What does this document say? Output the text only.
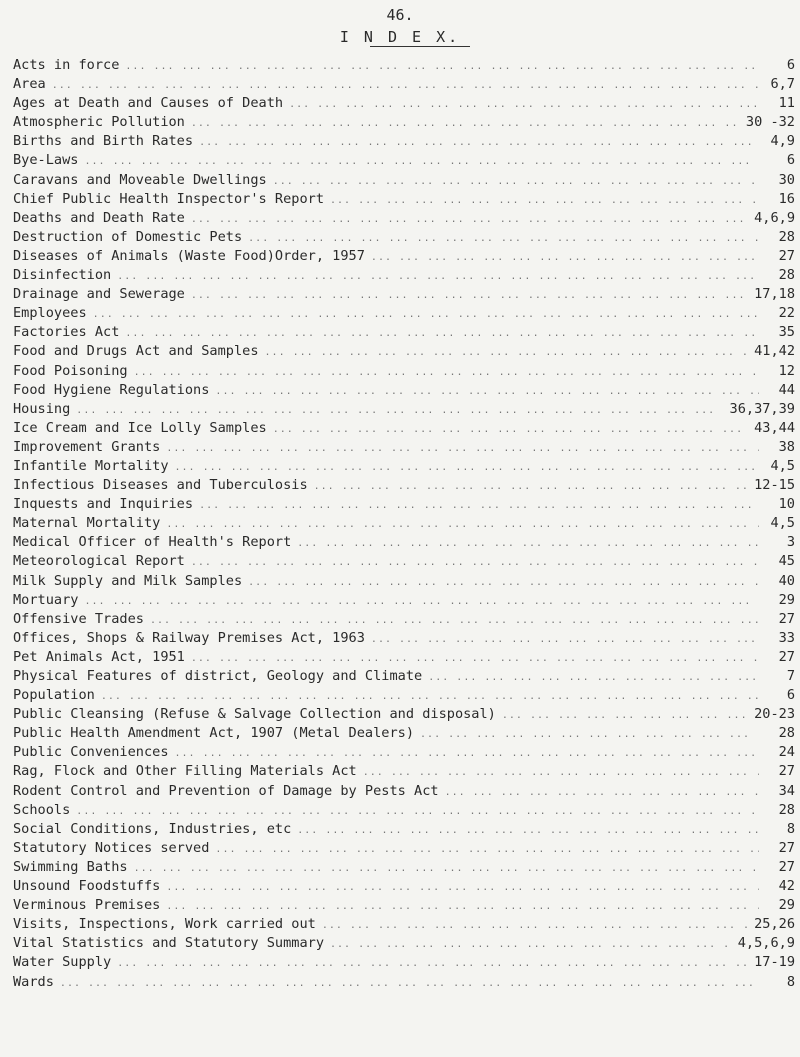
46.
I N D E X.
Acts in force ... .	6
Area ... .	6,7
Ages at Death and Causes of Death ... .	11
Atmospheric Pollution ... .	30 -32
Births and Birth Rates ... .	4,9
Bye-Laws ... .	6
Caravans and Moveable Dwellings ... .	30
Chief Public Health Inspector's Report ... .	16
Deaths and Death Rate ... .	4,6,9
Destruction of Domestic Pets ... .	28
Diseases of Animals (Waste Food)Order, 1957 ... .	27
Disinfection ... .	28
Drainage and Sewerage ... .	17,18
Employees ... .	22
Factories Act ... .	35
Food and Drugs Act and Samples ... .	41,42
Food Poisoning ... .	12
Food Hygiene Regulations ... .	44
Housing ... .	36,37,39
Ice Cream and Ice Lolly Samples ... .	43,44
Improvement Grants ... .	38
Infantile Mortality ... .	4,5
Infectious Diseases and Tuberculosis ... .	12-15
Inquests and Inquiries ... .	10
Maternal Mortality ... .	4,5
Medical Officer of Health's Report ... .	3
Meteorological Report ... .	45
Milk Supply and Milk Samples ... .	40
Mortuary ... .	29
Offensive Trades ... .	27
Offices, Shops & Railway Premises Act, 1963 ... .	33
Pet Animals Act, 1951 ... .	27
Physical Features of district, Geology and Climate ... .	7
Population ... .	6
Public Cleansing (Refuse & Salvage Collection and disposal) ... .	20-23
Public Health Amendment Act, 1907 (Metal Dealers) ... .	28
Public Conveniences ... .	24
Rag, Flock and Other Filling Materials Act ... .	27
Rodent Control and Prevention of Damage by Pests Act ... .	34
Schools ... .	28
Social Conditions, Industries, etc ... .	8
Statutory Notices served ... .	27
Swimming Baths ... .	27
Unsound Foodstuffs ... .	42
Verminous Premises ... .	29
Visits, Inspections, Work carried out ... .	25,26
Vital Statistics and Statutory Summary ... .	4,5,6,9
Water Supply ... .	17-19
Wards ... .	8
